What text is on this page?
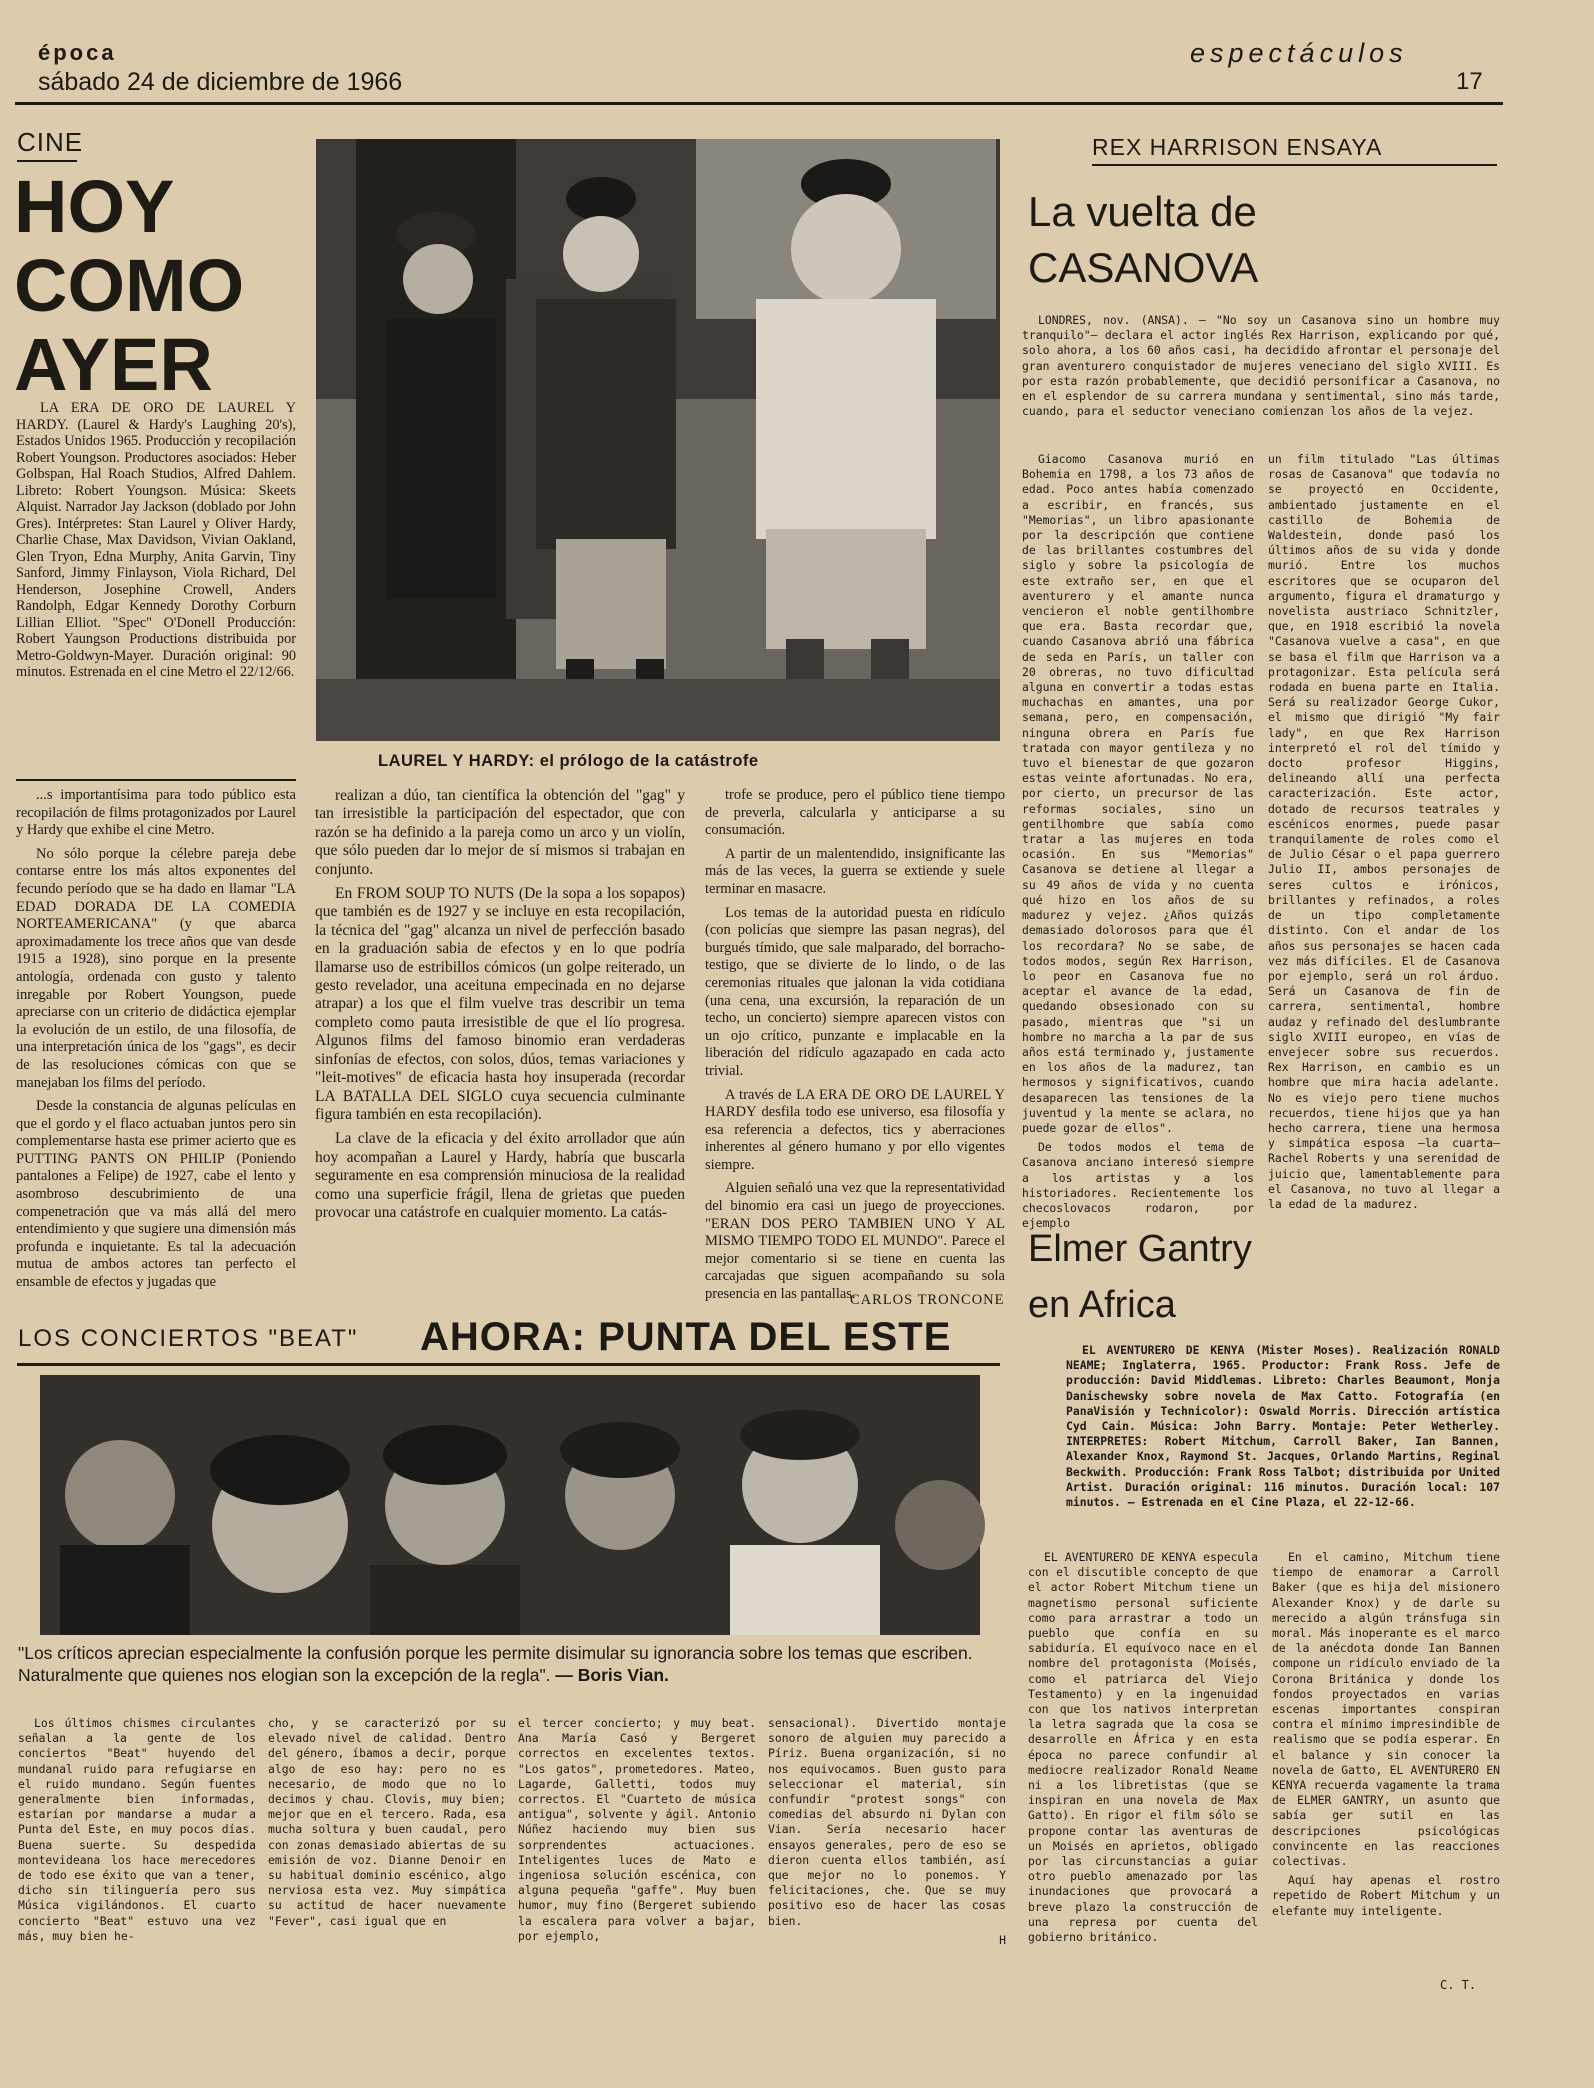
época
sábado 24 de diciembre de 1966
espectáculos
17
CINE
HOY
COMO
AYER
LA ERA DE ORO DE LAUREL Y HARDY. (Laurel & Hardy's Laughing 20's), Estados Unidos 1965. Producción y recopilación Robert Youngson. Productores asociados: Heber Golbspan, Hal Roach Studios, Alfred Dahlem. Libreto: Robert Youngson. Música: Skeets Alquist. Narrador Jay Jackson (doblado por John Gres). Intérpretes: Stan Laurel y Oliver Hardy, Charlie Chase, Max Davidson, Vivian Oakland, Glen Tryon, Edna Murphy, Anita Garvin, Tiny Sanford, Jimmy Finlayson, Viola Richard, Del Henderson, Josephine Crowell, Anders Randolph, Edgar Kennedy Dorothy Corburn Lillian Elliot. "Spec" O'Donell Producción: Robert Yaungson Productions distribuida por Metro-Goldwyn-Mayer. Duración original: 90 minutos. Estrenada en el cine Metro el 22/12/66.
LAUREL Y HARDY: el prólogo de la catástrofe

...s importantísima para todo público esta recopilación de films protagonizados por Laurel y Hardy que exhibe el cine Metro.

No sólo porque la célebre pareja debe contarse entre los más altos exponentes del fecundo período que se ha dado en llamar "LA EDAD DORADA DE LA COMEDIA NORTEAMERICANA" (y que abarca aproximadamente los trece años que van desde 1915 a 1928), sino porque en la presente antología, ordenada con gusto y talento inregable por Robert Youngson, puede apreciarse con un criterio de didáctica ejemplar la evolución de un estilo, de una filosofía, de una interpretación única de los "gags", es decir de las resoluciones cómicas con que se manejaban los films del período.

Desde la constancia de algunas películas en que el gordo y el flaco actuaban juntos pero sin complementarse hasta ese primer acierto que es PUTTING PANTS ON PHILIP (Poniendo pantalones a Felipe) de 1927, cabe el lento y asombroso descubrimiento de una compenetración que va más allá del mero entendimiento y que sugiere una dimensión más profunda e inquietante. Es tal la adecuación mutua de ambos actores tan perfecto el ensamble de efectos y jugadas que

realizan a dúo, tan científica la obtención del "gag" y tan irresistible la participación del espectador, que con razón se ha definido a la pareja como un arco y un violín, que sólo pueden dar lo mejor de sí mismos si trabajan en conjunto.

En FROM SOUP TO NUTS (De la sopa a los sopapos) que también es de 1927 y se incluye en esta recopilación, la técnica del "gag" alcanza un nivel de perfección basado en la graduación sabia de efectos y en lo que podría llamarse uso de estribillos cómicos (un golpe reiterado, un gesto revelador, una aceituna empecinada en no dejarse atrapar) a los que el film vuelve tras describir un tema completo como pauta irresistible de que el lío progresa. Algunos films del famoso binomio eran verdaderas sinfonías de efectos, con solos, dúos, temas variaciones y "leit-motives" de eficacia hasta hoy insuperada (recordar LA BATALLA DEL SIGLO cuya secuencia culminante figura también en esta recopilación).

La clave de la eficacia y del éxito arrollador que aún hoy acompañan a Laurel y Hardy, habría que buscarla seguramente en esa comprensión minuciosa de la realidad como una superficie frágil, llena de grietas que pueden provocar una catástrofe en cualquier momento. La catás-

trofe se produce, pero el público tiene tiempo de preverla, calcularla y anticiparse a su consumación.

A partir de un malentendido, insignificante las más de las veces, la guerra se extiende y suele terminar en masacre.

Los temas de la autoridad puesta en ridículo (con policías que siempre las pasan negras), del burgués tímido, que sale malparado, del borracho-testigo, que se divierte de lo lindo, o de las ceremonias rituales que jalonan la vida cotidiana (una cena, una excursión, la reparación de un techo, un concierto) siempre aparecen vistos con un ojo crítico, punzante e implacable en la liberación del ridículo agazapado en cada acto trivial.

A través de LA ERA DE ORO DE LAUREL Y HARDY desfila todo ese universo, esa filosofía y esa referencia a defectos, tics y aberraciones inherentes al género humano y por ello vigentes siempre.

Alguien señaló una vez que la representatividad del binomio era casi un juego de proyecciones. "ERAN DOS PERO TAMBIEN UNO Y AL MISMO TIEMPO TODO EL MUNDO". Parece el mejor comentario si se tiene en cuenta las carcajadas que siguen acompañando su sola presencia en las pantallas.

CARLOS TRONCONE
REX HARRISON ENSAYA
La vuelta de
CASANOVA

LONDRES, nov. (ANSA). — "No soy un Casanova sino un hombre muy tranquilo"— declara el actor inglés Rex Harrison, explicando por qué, solo ahora, a los 60 años casi, ha decidido afrontar el personaje del gran aventurero conquistador de mujeres veneciano del siglo XVIII. Es por esta razón probablemente, que decidió personificar a Casanova, no en el esplendor de su carrera mundana y sentimental, sino más tarde, cuando, para el seductor veneciano comienzan los años de la vejez.

Giacomo Casanova murió en Bohemia en 1798, a los 73 años de edad. Poco antes había comenzado a escribir, en francés, sus "Memorias", un libro apasionante por la descripción que contiene de las brillantes costumbres del siglo y sobre la psicología de este extraño ser, en que el aventurero y el amante nunca vencieron el noble gentilhombre que era. Basta recordar que, cuando Casanova abrió una fábrica de seda en París, un taller con 20 obreras, no tuvo dificultad alguna en convertir a todas estas muchachas en amantes, una por semana, pero, en compensación, ninguna obrera en París fue tratada con mayor gentileza y no tuvo el bienestar de que gozaron estas veinte afortunadas. No era, por cierto, un precursor de las reformas sociales, sino un gentilhombre que sabía como tratar a las mujeres en toda ocasión. En sus "Memorias" Casanova se detiene al llegar a su 49 años de vida y no cuenta qué hizo en los años de su madurez y vejez. ¿Años quizás demasiado dolorosos para que él los recordara? No se sabe, de todos modos, según Rex Harrison, lo peor en Casanova fue no aceptar el avance de la edad, quedando obsesionado con su pasado, mientras que "si un hombre no marcha a la par de sus años está terminado y, justamente en los años de la madurez, tan hermosos y significativos, cuando desaparecen las tensiones de la juventud y la mente se aclara, no puede gozar de ellos".

De todos modos el tema de Casanova anciano interesó siempre a los artistas y a los historiadores. Recientemente los checoslovacos rodaron, por ejemplo

un film titulado "Las últimas rosas de Casanova" que todavía no se proyectó en Occidente, ambientado justamente en el castillo de Bohemia de Waldestein, donde pasó los últimos años de su vida y donde murió. Entre los muchos escritores que se ocuparon del argumento, figura el dramaturgo y novelista austriaco Schnitzler, que, en 1918 escribió la novela "Casanova vuelve a casa", en que se basa el film que Harrison va a protagonizar. Esta película será rodada en buena parte en Italia. Será su realizador George Cukor, el mismo que dirigió "My fair lady", en que Rex Harrison interpretó el rol del tímido y docto profesor Higgins, delineando allí una perfecta caracterización. Este actor, dotado de recursos teatrales y escénicos enormes, puede pasar tranquilamente de roles como el de Julio César o el papa guerrero Julio II, ambos personajes de seres cultos e irónicos, brillantes y refinados, a roles de un tipo completamente distinto. Con el andar de los años sus personajes se hacen cada vez más difíciles. El de Casanova por ejemplo, será un rol árduo. Será un Casanova de fin de carrera, sentimental, hombre audaz y refinado del deslumbrante siglo XVIII europeo, en vías de envejecer sobre sus recuerdos. Rex Harrison, en cambio es un hombre que mira hacia adelante. No es viejo pero tiene muchos recuerdos, tiene hijos que ya han hecho carrera, tiene una hermosa y simpática esposa —la cuarta— Rachel Roberts y una serenidad de juicio que, lamentablemente para el Casanova, no tuvo al llegar a la edad de la madurez.

Elmer Gantry
en Africa

EL AVENTURERO DE KENYA (Mister Moses). Realización RONALD NEAME; Inglaterra, 1965. Productor: Frank Ross. Jefe de producción: David Middlemas. Libreto: Charles Beaumont, Monja Danischewsky sobre novela de Max Catto. Fotografía (en PanaVisión y Technicolor): Oswald Morris. Dirección artística Cyd Cain. Música: John Barry. Montaje: Peter Wetherley. INTERPRETES: Robert Mitchum, Carroll Baker, Ian Bannen, Alexander Knox, Raymond St. Jacques, Orlando Martins, Reginal Beckwith. Producción: Frank Ross Talbot; distribuida por United Artist. Duración original: 116 minutos. Duración local: 107 minutos. — Estrenada en el Cine Plaza, el 22-12-66.

EL AVENTURERO DE KENYA especula con el discutible concepto de que el actor Robert Mitchum tiene un magnetismo personal suficiente como para arrastrar a todo un pueblo que confía en su sabiduría. El equívoco nace en el nombre del protagonista (Moisés, como el patriarca del Viejo Testamento) y en la ingenuidad con que los nativos interpretan la letra sagrada que la cosa se desarrolle en África y en esta época no parece confundir al mediocre realizador Ronald Neame ni a los libretistas (que se inspiran en una novela de Max Gatto). En rigor el film sólo se propone contar las aventuras de un Moisés en aprietos, obligado por las circunstancias a guiar otro pueblo amenazado por las inundaciones que provocará a breve plazo la construcción de una represa por cuenta del gobierno británico.

En el camino, Mitchum tiene tiempo de enamorar a Carroll Baker (que es hija del misionero Alexander Knox) y de darle su merecido a algún tránsfuga sin moral. Más inoperante es el marco de la anécdota donde Ian Bannen compone un ridículo enviado de la Corona Británica y donde los fondos proyectados en varias escenas importantes conspiran contra el mínimo impresindible de realismo que se podía esperar. En el balance y sin conocer la novela de Gatto, EL AVENTURERO EN KENYA recuerda vagamente la trama de ELMER GANTRY, un asunto que sabía ger sutil en las descripciones psicológicas convincente en las reacciones colectivas.

Aquí hay apenas el rostro repetido de Robert Mitchum y un elefante muy inteligente.

C. T.
LOS CONCIERTOS "BEAT" AHORA: PUNTA DEL ESTE
"Los críticos aprecian especialmente la confusión porque les permite disimular su ignorancia sobre los temas que escriben. Naturalmente que quienes nos elogian son la excepción de la regla". — Boris Vian.

Los últimos chismes circulantes señalan a la gente de los conciertos "Beat" huyendo del mundanal ruido para refugiarse en el ruido mundano. Según fuentes generalmente bien informadas, estarían por mandarse a mudar a Punta del Este, en muy pocos días. Buena suerte. Su despedida montevideana los hace merecedores de todo ese éxito que van a tener, dicho sin tilinguería pero sus Música vigilándonos. El cuarto concierto "Beat" estuvo una vez más, muy bien he-

cho, y se caracterizó por su elevado nivel de calidad. Dentro del género, íbamos a decir, porque algo de eso hay: pero no es necesario, de modo que no lo decimos y chau. Clovis, muy bien; mejor que en el tercero. Rada, esa mucha soltura y buen caudal, pero con zonas demasiado abiertas de su emisión de voz. Dianne Denoir en su habitual dominio escénico, algo nerviosa esta vez. Muy simpática su actitud de hacer nuevamente "Fever", casi igual que en

el tercer concierto; y muy beat. Ana María Casó y Bergeret correctos en excelentes textos. "Los gatos", prometedores. Mateo, Lagarde, Galletti, todos muy correctos. El "Cuarteto de música antigua", solvente y ágil. Antonio Núñez haciendo muy bien sus sorprendentes actuaciones. Inteligentes luces de Mato e ingeniosa solución escénica, con alguna pequeña "gaffe". Muy buen humor, muy fino (Bergeret subiendo la escalera para volver a bajar, por ejemplo,

sensacional). Divertido montaje sonoro de alguien muy parecido a Píriz. Buena organización, si no nos equivocamos. Buen gusto para seleccionar el material, sin confundir "protest songs" con comedias del absurdo ni Dylan con Vian. Sería necesario hacer ensayos generales, pero de eso se dieron cuenta ellos también, así que mejor no lo ponemos. Y felicitaciones, che. Que se muy positivo eso de hacer las cosas bien.

H
